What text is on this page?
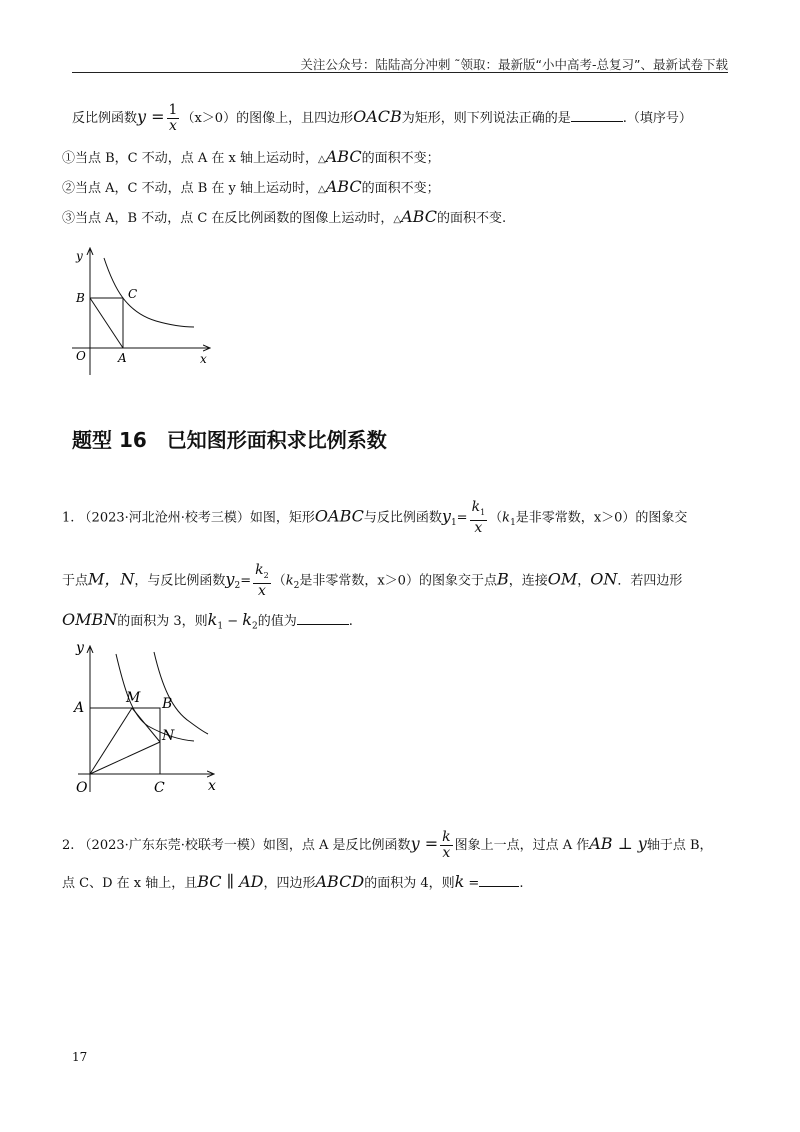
关注公众号：陆陆高分冲刺 ˜领取：最新版“小中高考-总复习”、最新试卷下载
反比例函数$y = \frac{1}{x} (x>0)$的图像上，且四边形OACB为矩形，则下列说法正确的是	.（填序号）
①当点 B，C 不动，点 A 在 x 轴上运动时，△ABC的面积不变；
②当点 A，C 不动，点 B 在 y 轴上运动时，△ABC的面积不变；
③当点 A，B 不动，点 C 在反比例函数的图像上运动时，△ABC的面积不变.
y
x
O	A
B	C
题型 16　已知图形面积求比例系数
1. （2023·河北沧州·校考三模）如图，矩形OABC与反比例函数$y_1= \frac{k_1}{x} (k_1$是非零常数，x＞0）的图象交
于点M，N，与反比例函数$y_2= \frac{k_2}{x} (k_2$是非零常数，x＞0）的图象交于点B，连接OM，ON．若四边形
OMBN的面积为 3，则$k_1 - k_2$的值为	.
y
x
O
A	B
C
M
N
2. （2023·广东东莞·校联考一模）如图，点 A 是反比例函数$y = \frac{k}{x}$ 图象上一点，过点 A 作AB ⊥ y轴于点 B，
点 C、D 在 x 轴上，且BC ∥ AD，四边形ABCD的面积为 4，则k =	.
17
